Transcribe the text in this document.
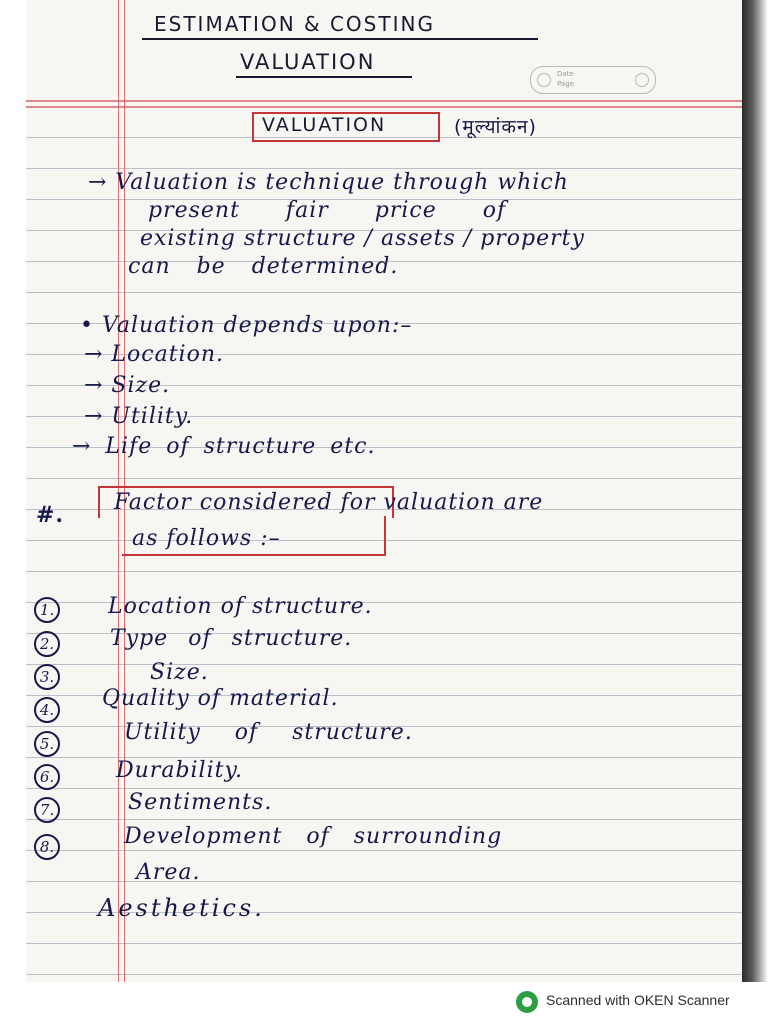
ESTIMATION & COSTING
VALUATION	Date
Page
VALUATION	(मूल्यांकन)
→ Valuation is technique through which
present fair price of
existing structure / assets / property
can be determined.
• Valuation depends upon:–
→ Location.
→ Size.
→ Utility.
→ Life of structure etc.
#. Factor considered for valuation are
as follows :–
1. Location of structure.
2.	Type of structure.
3.	Size.
4. Quality of material.
5.	Utility of structure.
6.	Durability.
7.	Sentiments.
8.	Development of surrounding
Area.
Aesthetics.
Scanned with OKEN Scanner
